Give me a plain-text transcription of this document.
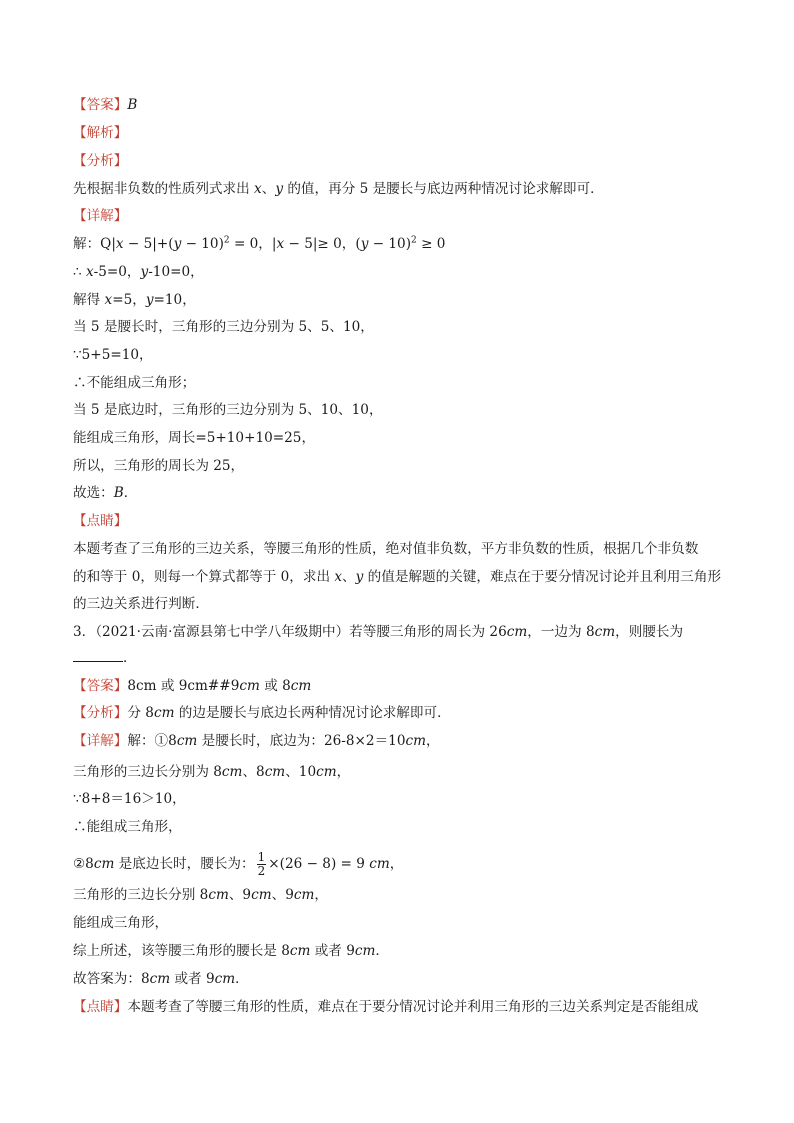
【答案】B
【解析】
【分析】
先根据非负数的性质列式求出 x、y 的值，再分 5 是腰长与底边两种情况讨论求解即可．
【详解】
解：$Q|x - 5|+(y - 10)^2 = 0$，|x − 5|≥ 0，$(y - 10)^2 \ge 0$
∴ x-5=0，y-10=0，
解得 x=5，y=10，
当 5 是腰长时，三角形的三边分别为 5、5、10，
∵5+5=10，
∴不能组成三角形；
当 5 是底边时，三角形的三边分别为 5、10、10，
能组成三角形，周长=5+10+10=25，
所以，三角形的周长为 25，
故选：B．
【点睛】
本题考查了三角形的三边关系，等腰三角形的性质，绝对值非负数，平方非负数的性质，根据几个非负数
的和等于 0，则每一个算式都等于 0，求出 x、y 的值是解题的关键，难点在于要分情况讨论并且利用三角形
的三边关系进行判断．
3．（2021·云南·富源县第七中学八年级期中）若等腰三角形的周长为 26cm，一边为 8cm，则腰长为
．
【答案】8cm 或 9cm##9cm 或 8cm
【分析】分 8cm 的边是腰长与底边长两种情况讨论求解即可．
【详解】解：①8cm 是腰长时，底边为：26-8×2＝10cm，
三角形的三边长分别为 8cm、8cm、10cm，
∵8+8＝16＞10，
∴能组成三角形，
②8cm 是底边长时，腰长为： $\frac{1}{2} \times(26 - 8) = 9$ cm，
三角形的三边长分别 8cm、9cm、9cm，
能组成三角形，
综上所述，该等腰三角形的腰长是 8cm 或者 9cm．
故答案为：8cm 或者 9cm．
【点睛】本题考查了等腰三角形的性质，难点在于要分情况讨论并利用三角形的三边关系判定是否能组成
